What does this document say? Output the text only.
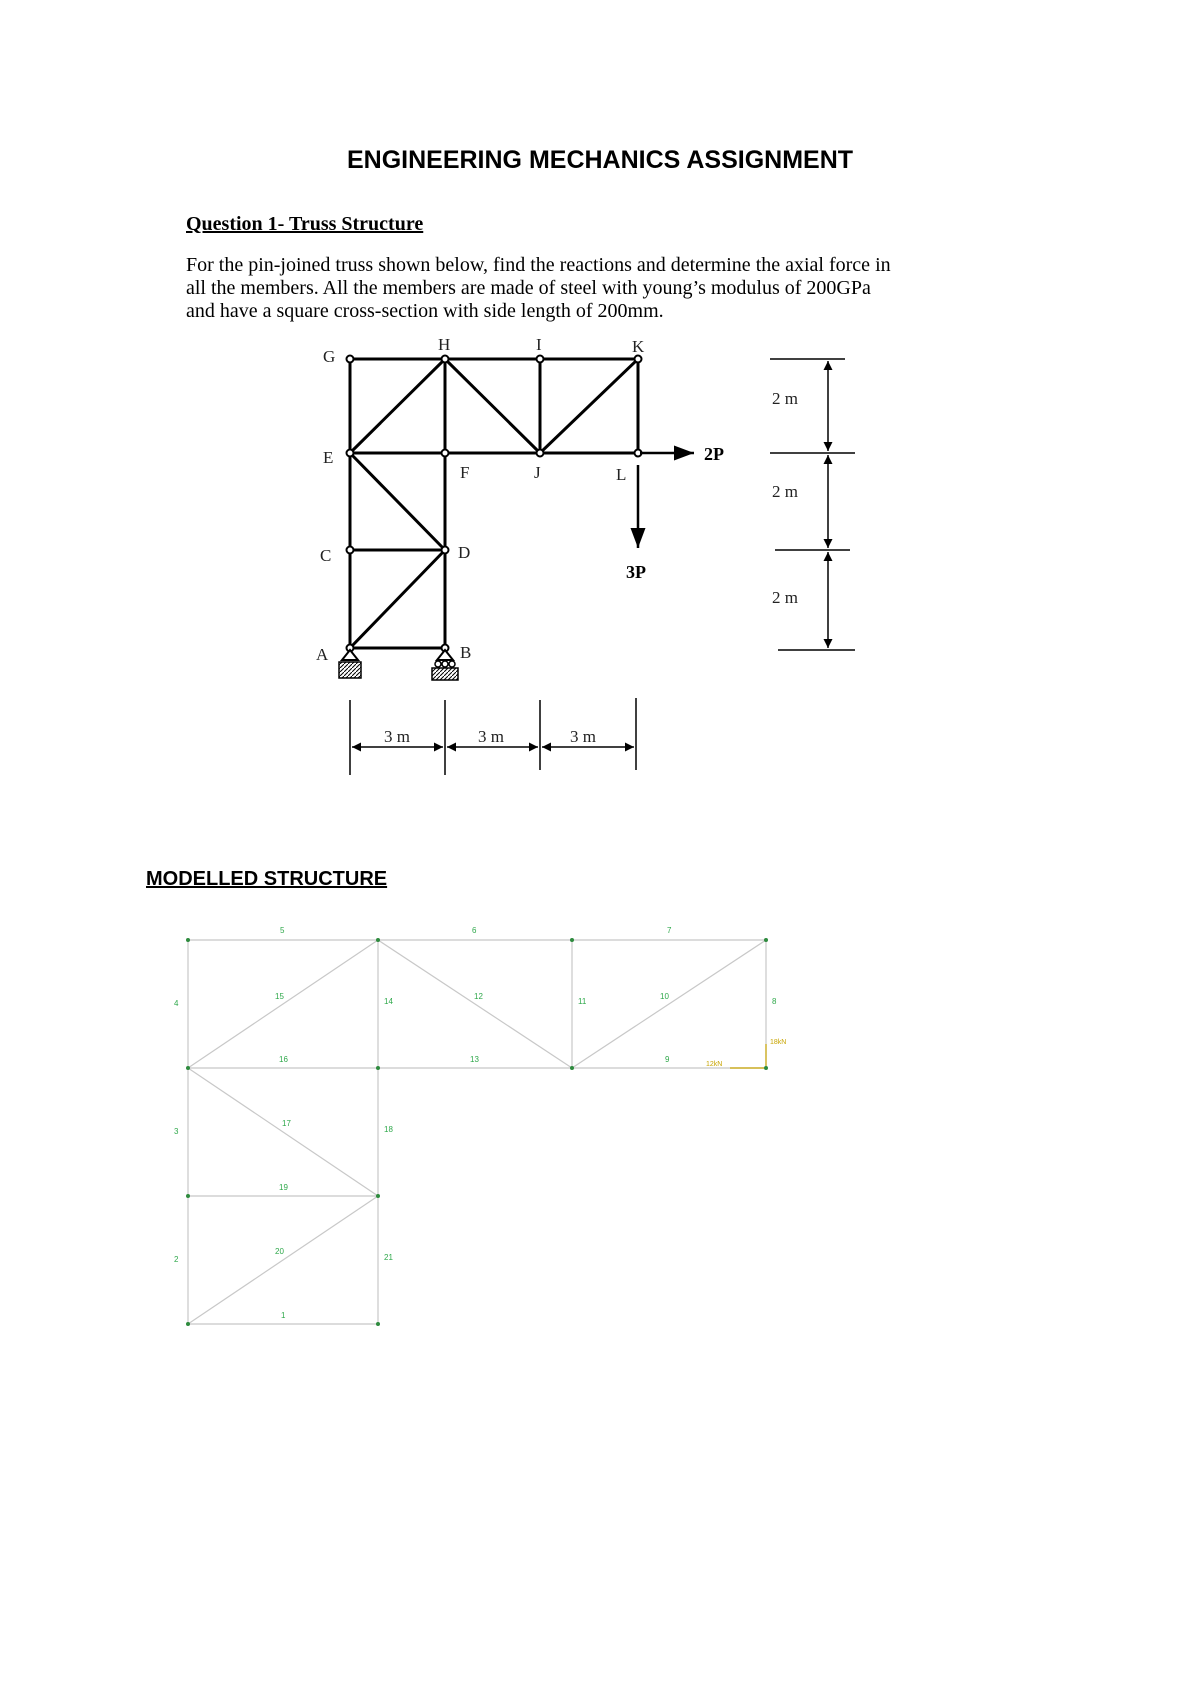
ENGINEERING MECHANICS ASSIGNMENT
Question 1- Truss Structure
For the pin-joined truss shown below, find the reactions and determine the axial force in
all the members. All the members are made of steel with young’s modulus of 200GPa
and have a square cross-section with side length of 200mm.
G
H	I	K
E
F	J	L
C	D
A	B
2P
3P
3 m	3 m	3 m
2 m
2 m
2 m
MODELLED STRUCTURE
18kN
12kN
1
2
3
4
5	6	7
8
9
10
11
12
13
14
15
16
17
18
19
20
21
